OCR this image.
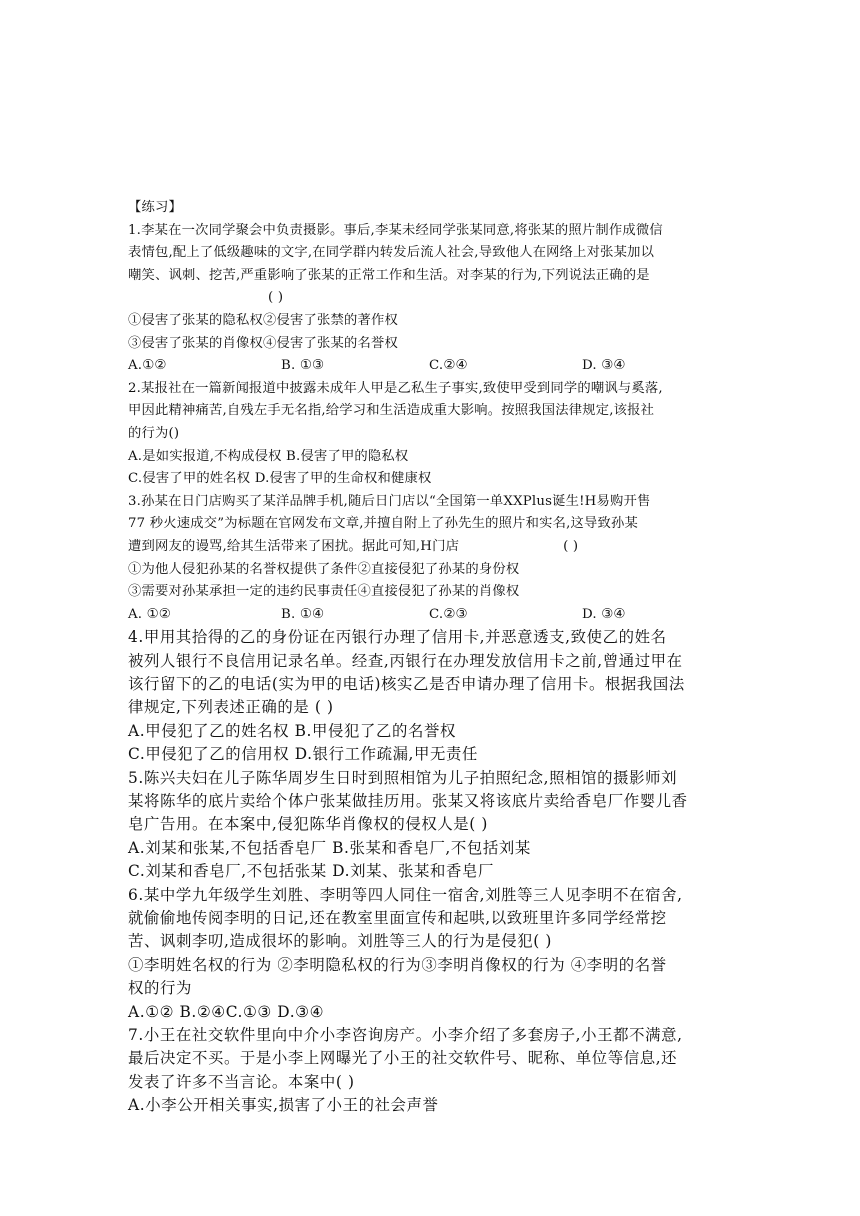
【练习】
1.李某在一次同学聚会中负责摄影。事后,李某未经同学张某同意,将张某的照片制作成微信
表情包,配上了低级趣味的文字,在同学群内转发后流人社会,导致他人在网络上对张某加以
嘲笑、讽刺、挖苦,严重影响了张某的正常工作和生活。对李某的行为,下列说法正确的是
( )
①侵害了张某的隐私权②侵害了张禁的著作权
③侵害了张某的肖像权④侵害了张某的名誉权
A.①②	B. ①③	C.②④	D. ③④
2.某报社在一篇新闻报道中披露未成年人甲是乙私生子事实,致使甲受到同学的嘲讽与奚落,
甲因此精神痛苦,自残左手无名指,给学习和生活造成重大影响。按照我国法律规定,该报社
的行为()
A.是如实报道,不构成侵权 B.侵害了甲的隐私权
C.侵害了甲的姓名权 D.侵害了甲的生命权和健康权
3.孙某在日门店购买了某洋品牌手机,随后日门店以“全国第一单XXPlus诞生!H易购开售
77 秒火速成交”为标题在官网发布文章,并擅自附上了孙先生的照片和实名,这导致孙某
遭到网友的谩骂,给其生活带来了困扰。据此可知,H门店	( )
①为他人侵犯孙某的名誉权提供了条件②直接侵犯了孙某的身份权
③需要对孙某承担一定的违约民事责任④直接侵犯了孙某的肖像权
A. ①②	B. ①④	C.②③	D. ③④
4.甲用其拾得的乙的身份证在丙银行办理了信用卡,并恶意透支,致使乙的姓名
被列人银行不良信用记录名单。经查,丙银行在办理发放信用卡之前,曾通过甲在
该行留下的乙的电话(实为甲的电话)核实乙是否申请办理了信用卡。根据我国法
律规定,下列表述正确的是 ( )
A.甲侵犯了乙的姓名权 B.甲侵犯了乙的名誉权
C.甲侵犯了乙的信用权 D.银行工作疏漏,甲无责任
5.陈兴夫妇在儿子陈华周岁生日时到照相馆为儿子拍照纪念,照相馆的摄影师刘
某将陈华的底片卖给个体户张某做挂历用。张某又将该底片卖给香皂厂作婴儿香
皂广告用。在本案中,侵犯陈华肖像权的侵权人是( )
A.刘某和张某,不包括香皂厂 B.张某和香皂厂,不包括刘某
C.刘某和香皂厂,不包括张某 D.刘某、张某和香皂厂
6.某中学九年级学生刘胜、李明等四人同住一宿舍,刘胜等三人见李明不在宿舍,
就偷偷地传阅李明的日记,还在教室里面宣传和起哄,以致班里许多同学经常挖
苦、讽刺李叨,造成很坏的影响。刘胜等三人的行为是侵犯( )
①李明姓名权的行为 ②李明隐私权的行为③李明肖像权的行为 ④李明的名誉
权的行为
A.①② B.②④C.①③ D.③④
7.小王在社交软件里向中介小李咨询房产。小李介绍了多套房子,小王都不满意,
最后决定不买。于是小李上网曝光了小王的社交软件号、昵称、单位等信息,还
发表了许多不当言论。本案中( )
A.小李公开相关事实,损害了小王的社会声誉
